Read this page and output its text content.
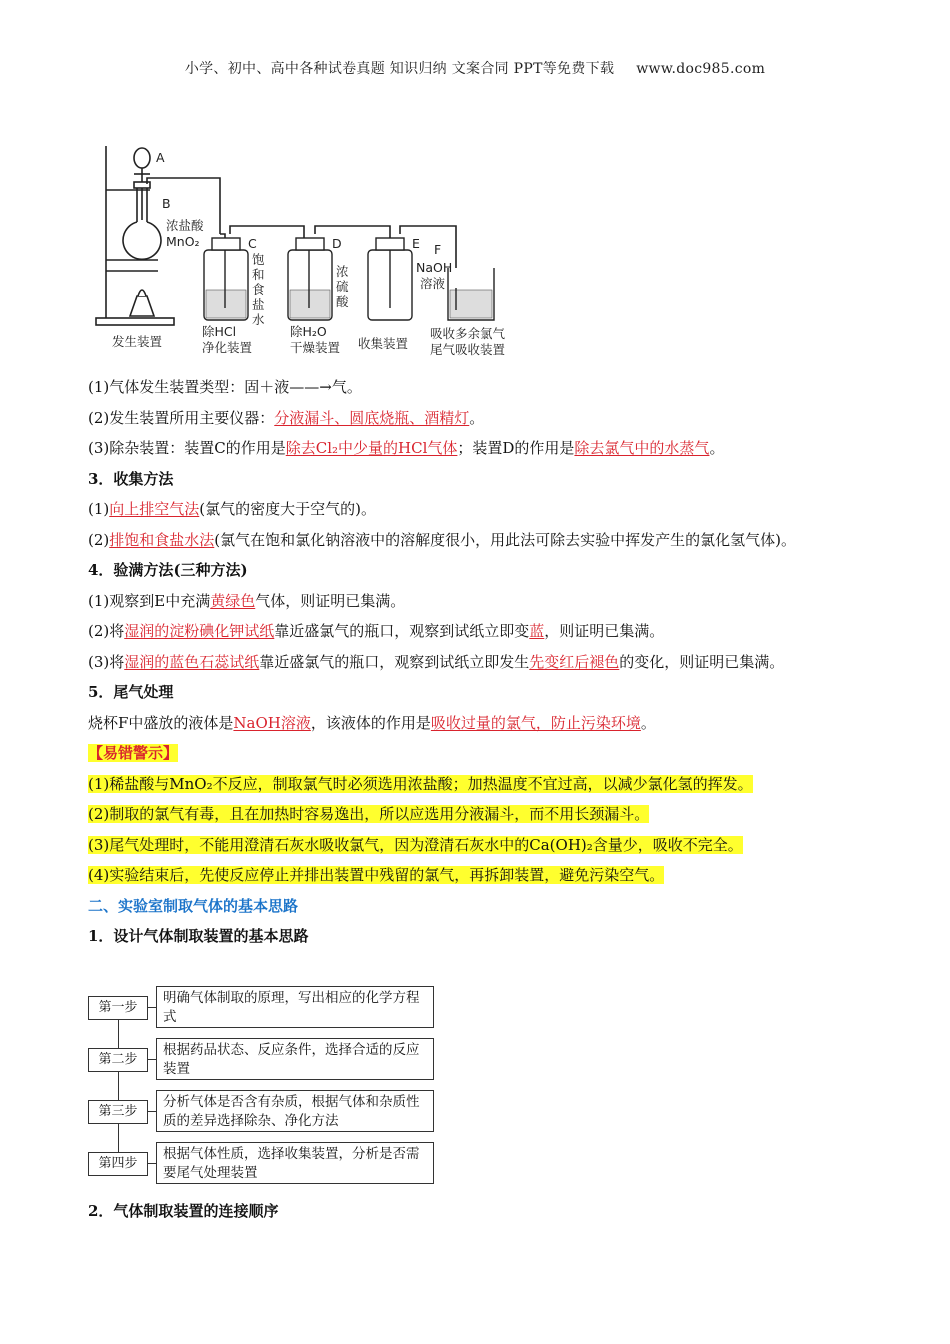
小学、初中、高中各种试卷真题 知识归纳 文案合同 PPT等免费下载 www.doc985.com
A
B
浓盐酸
MnO₂	C
饱
和
食
盐
水
D
浓
硫
酸
E F
NaOH
溶液
发生装置
除HCl
净化装置
除H₂O
干燥装置 收集装置
吸收多余氯气
尾气吸收装置

(1)气体发生装置类型：固＋液——→气。

(2)发生装置所用主要仪器：分液漏斗、圆底烧瓶、酒精灯。

(3)除杂装置：装置C的作用是除去Cl₂中少量的HCl气体；装置D的作用是除去氯气中的水蒸气。

3．收集方法

(1)向上排空气法(氯气的密度大于空气的)。

(2)排饱和食盐水法(氯气在饱和氯化钠溶液中的溶解度很小，用此法可除去实验中挥发产生的氯化氢气体)。

4．验满方法(三种方法)

(1)观察到E中充满黄绿色气体，则证明已集满。

(2)将湿润的淀粉碘化钾试纸靠近盛氯气的瓶口，观察到试纸立即变蓝，则证明已集满。

(3)将湿润的蓝色石蕊试纸靠近盛氯气的瓶口，观察到试纸立即发生先变红后褪色的变化，则证明已集满。

5．尾气处理

烧杯F中盛放的液体是NaOH溶液，该液体的作用是吸收过量的氯气，防止污染环境。

【易错警示】

(1)稀盐酸与MnO₂不反应，制取氯气时必须选用浓盐酸；加热温度不宜过高，以减少氯化氢的挥发。

(2)制取的氯气有毒，且在加热时容易逸出，所以应选用分液漏斗，而不用长颈漏斗。

(3)尾气处理时，不能用澄清石灰水吸收氯气，因为澄清石灰水中的Ca(OH)₂含量少，吸收不完全。

(4)实验结束后，先使反应停止并排出装置中残留的氯气，再拆卸装置，避免污染空气。

二、实验室制取气体的基本思路

1．设计气体制取装置的基本思路

第一步
明确气体制取的原理，写出相应的化学方程式
第二步
根据药品状态、反应条件，选择合适的反应装置
第三步
分析气体是否含有杂质，根据气体和杂质性质的差异选择除杂、净化方法
第四步
根据气体性质，选择收集装置，分析是否需要尾气处理装置
2．气体制取装置的连接顺序
